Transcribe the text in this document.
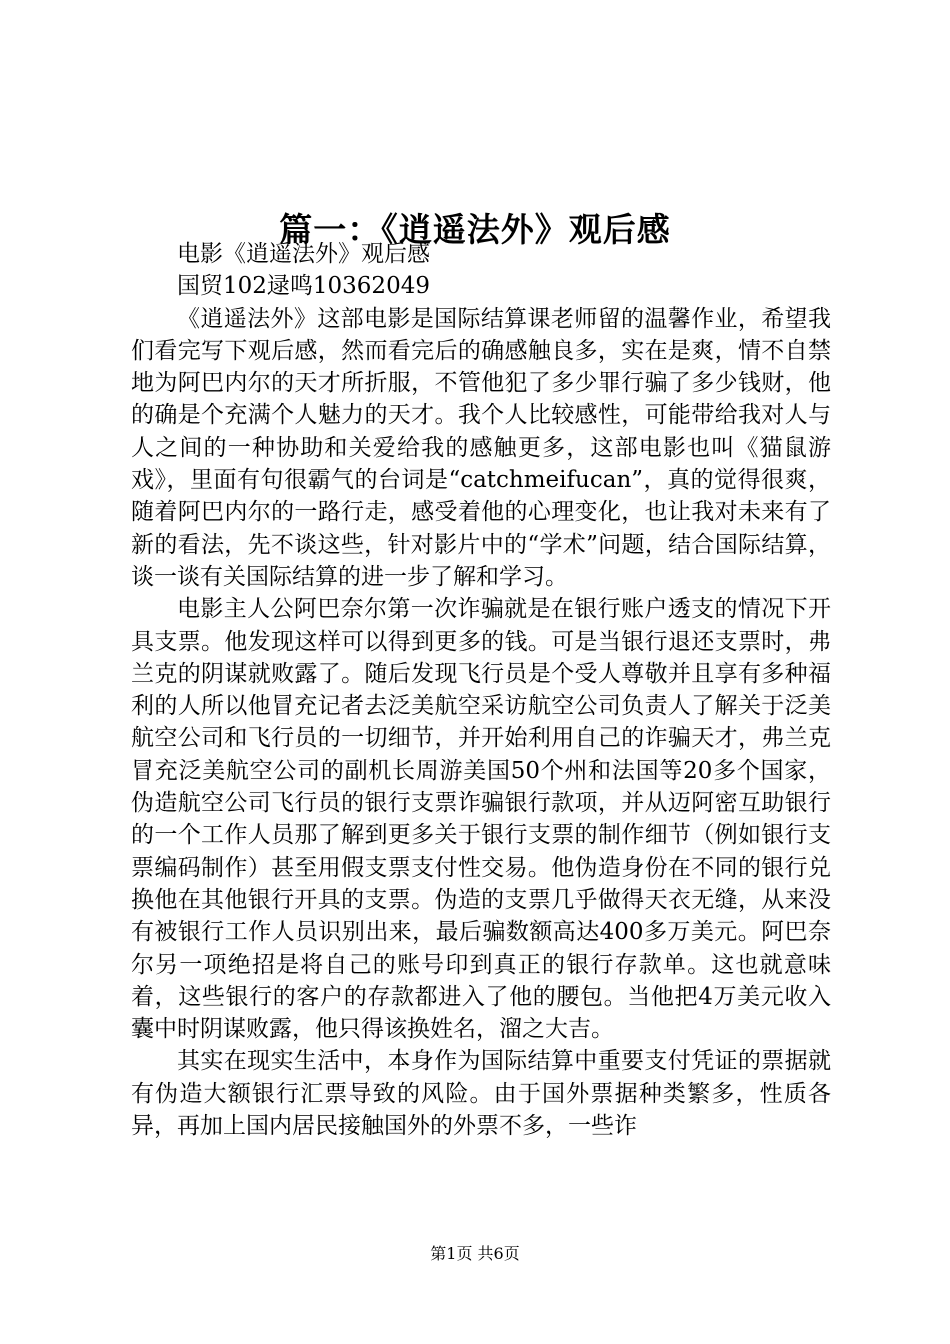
篇一：《逍遥法外》观后感

电影《逍遥法外》观后感

国贸102逯鸣10362049

《逍遥法外》这部电影是国际结算课老师留的温馨作业，希望我们看完写下观后感，然而看完后的确感触良多，实在是爽，情不自禁地为阿巴内尔的天才所折服，不管他犯了多少罪行骗了多少钱财，他的确是个充满个人魅力的天才。我个人比较感性，可能带给我对人与人之间的一种协助和关爱给我的感触更多，这部电影也叫《猫鼠游戏》，里面有句很霸气的台词是“catchmeifucan”，真的觉得很爽，随着阿巴内尔的一路行走，感受着他的心理变化，也让我对未来有了新的看法，先不谈这些，针对影片中的“学术”问题，结合国际结算，谈一谈有关国际结算的进一步了解和学习。

电影主人公阿巴奈尔第一次诈骗就是在银行账户透支的情况下开具支票。他发现这样可以得到更多的钱。可是当银行退还支票时，弗兰克的阴谋就败露了。随后发现飞行员是个受人尊敬并且享有多种福利的人所以他冒充记者去泛美航空采访航空公司负责人了解关于泛美航空公司和飞行员的一切细节，并开始利用自己的诈骗天才，弗兰克冒充泛美航空公司的副机长周游美国50个州和法国等20多个国家，伪造航空公司飞行员的银行支票诈骗银行款项，并从迈阿密互助银行的一个工作人员那了解到更多关于银行支票的制作细节（例如银行支票编码制作）甚至用假支票支付性交易。他伪造身份在不同的银行兑换他在其他银行开具的支票。伪造的支票几乎做得天衣无缝，从来没有被银行工作人员识别出来，最后骗数额高达400多万美元。阿巴奈尔另一项绝招是将自己的账号印到真正的银行存款单。这也就意味着，这些银行的客户的存款都进入了他的腰包。当他把4万美元收入囊中时阴谋败露，他只得该换姓名，溜之大吉。

其实在现实生活中，本身作为国际结算中重要支付凭证的票据就有伪造大额银行汇票导致的风险。由于国外票据种类繁多，性质各异，再加上国内居民接触国外的外票不多，一些诈

第1页 共6页
